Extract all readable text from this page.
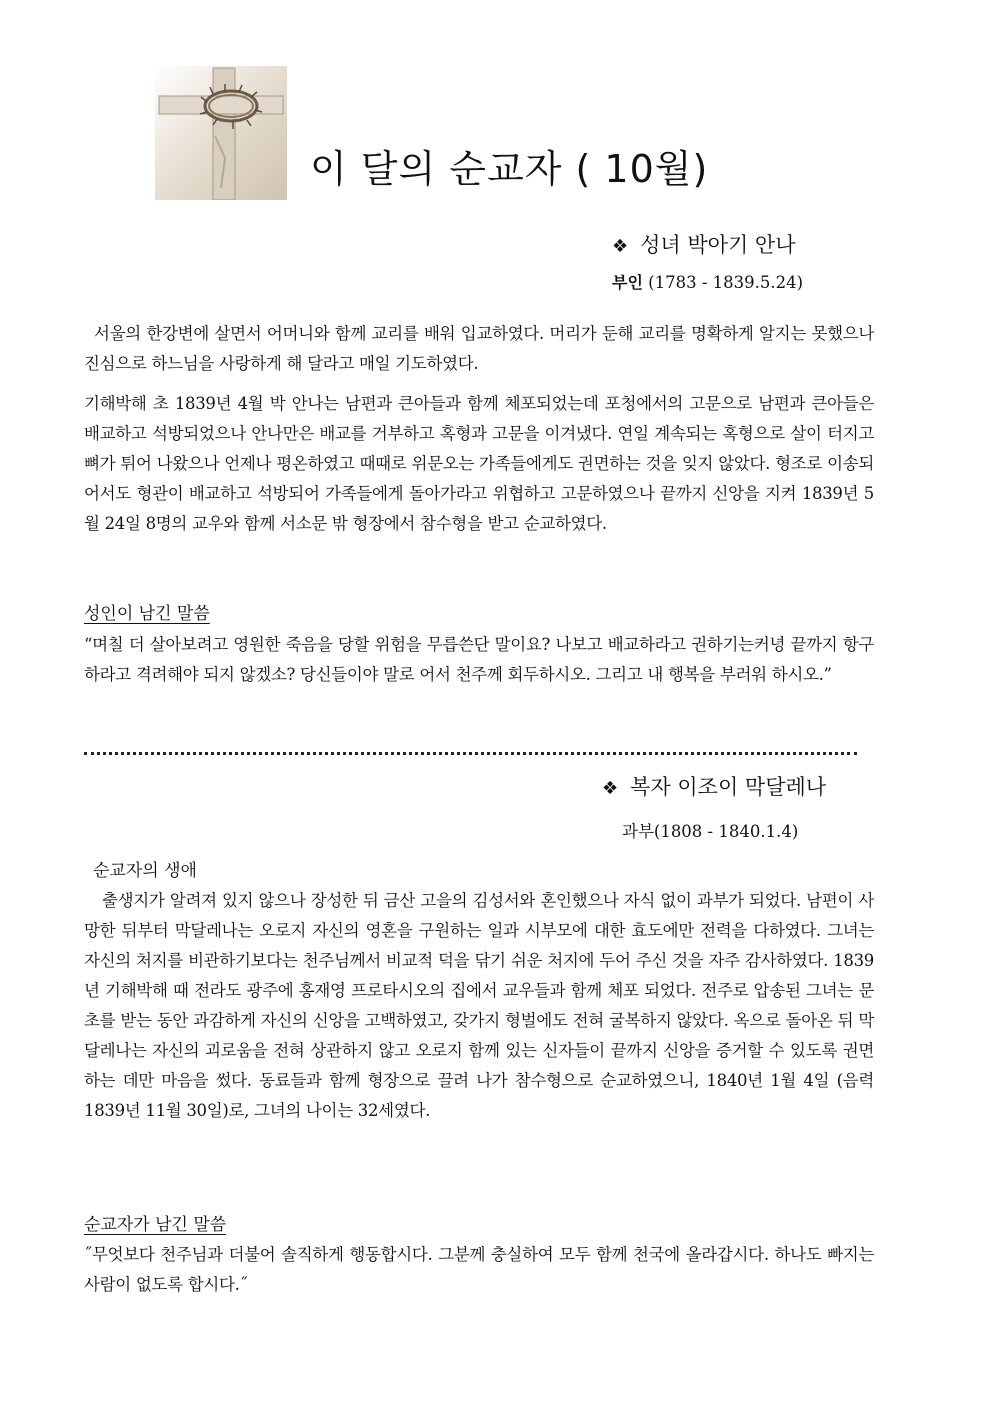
이 달의 순교자 ( 10월)
❖ 성녀 박아기 안나
부인 (1783 - 1839.5.24)

서울의 한강변에 살면서 어머니와 함께 교리를 배워 입교하였다. 머리가 둔해 교리를 명확하게 알지는 못했으나 진심으로 하느님을 사랑하게 해 달라고 매일 기도하였다.

기해박해 초 1839년 4월 박 안나는 남편과 큰아들과 함께 체포되었는데 포청에서의 고문으로 남편과 큰아들은 배교하고 석방되었으나 안나만은 배교를 거부하고 혹형과 고문을 이겨냈다. 연일 계속되는 혹형으로 살이 터지고 뼈가 튀어 나왔으나 언제나 평온하였고 때때로 위문오는 가족들에게도 권면하는 것을 잊지 않았다. 형조로 이송되어서도 형관이 배교하고 석방되어 가족들에게 돌아가라고 위협하고 고문하였으나 끝까지 신앙을 지켜 1839년 5월 24일 8명의 교우와 함께 서소문 밖 형장에서 참수형을 받고 순교하였다.

성인이 남긴 말씀

“며칠 더 살아보려고 영원한 죽음을 당할 위험을 무릅쓴단 말이요? 나보고 배교하라고 권하기는커녕 끝까지 항구하라고 격려해야 되지 않겠소? 당신들이야 말로 어서 천주께 회두하시오. 그리고 내 행복을 부러워 하시오.”

❖ 복자 이조이 막달레나
과부(1808 - 1840.1.4)
순교자의 생애

출생지가 알려져 있지 않으나 장성한 뒤 금산 고을의 김성서와 혼인했으나 자식 없이 과부가 되었다. 남편이 사망한 뒤부터 막달레나는 오로지 자신의 영혼을 구원하는 일과 시부모에 대한 효도에만 전력을 다하였다. 그녀는 자신의 처지를 비관하기보다는 천주님께서 비교적 덕을 닦기 쉬운 처지에 두어 주신 것을 자주 감사하였다. 1839년 기해박해 때 전라도 광주에 홍재영 프로타시오의 집에서 교우들과 함께 체포 되었다. 전주로 압송된 그녀는 문초를 받는 동안 과감하게 자신의 신앙을 고백하였고, 갖가지 형벌에도 전혀 굴복하지 않았다. 옥으로 돌아온 뒤 막달레나는 자신의 괴로움을 전혀 상관하지 않고 오로지 함께 있는 신자들이 끝까지 신앙을 증거할 수 있도록 권면하는 데만 마음을 썼다. 동료들과 함께 형장으로 끌려 나가 참수형으로 순교하였으니, 1840년 1월 4일 (음력 1839년 11월 30일)로, 그녀의 나이는 32세였다.

순교자가 남긴 말씀

˝무엇보다 천주님과 더불어 솔직하게 행동합시다. 그분께 충실하여 모두 함께 천국에 올라갑시다. 하나도 빠지는 사람이 없도록 합시다.˝
